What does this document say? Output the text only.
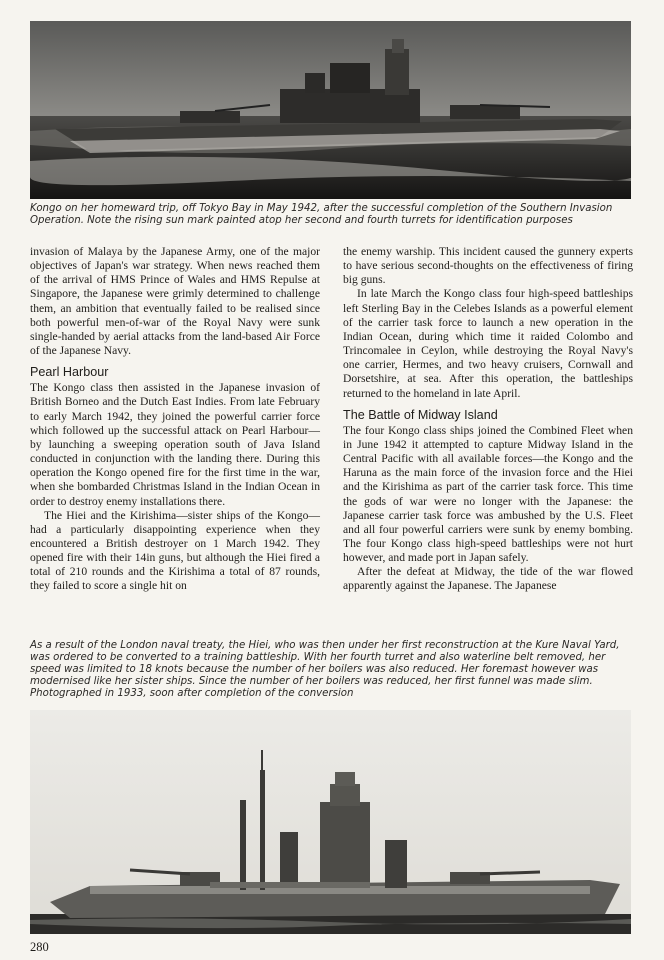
Kongo on her homeward trip, off Tokyo Bay in May 1942, after the successful completion of the Southern Invasion Operation. Note the rising sun mark painted atop her second and fourth turrets for identification purposes

invasion of Malaya by the Japanese Army, one of the major objectives of Japan's war strategy. When news reached them of the arrival of HMS Prince of Wales and HMS Repulse at Singapore, the Japanese were grimly determined to challenge them, an ambition that eventually failed to be realised since both powerful men-of-war of the Royal Navy were sunk single-handed by aerial attacks from the land-based Air Force of the Japanese Navy.

Pearl Harbour

The Kongo class then assisted in the Japanese invasion of British Borneo and the Dutch East Indies. From late February to early March 1942, they joined the powerful carrier force which followed up the successful attack on Pearl Harbour—by launching a sweeping operation south of Java Island conducted in conjunction with the landing there. During this operation the Kongo opened fire for the first time in the war, when she bombarded Christmas Island in the Indian Ocean in order to destroy enemy installations there.

The Hiei and the Kirishima—sister ships of the Kongo—had a particularly disappointing experience when they encountered a British destroyer on 1 March 1942. They opened fire with their 14in guns, but although the Hiei fired a total of 210 rounds and the Kirishima a total of 87 rounds, they failed to score a single hit on

the enemy warship. This incident caused the gunnery experts to have serious second-thoughts on the effectiveness of firing big guns.

In late March the Kongo class four high-speed battleships left Sterling Bay in the Celebes Islands as a powerful element of the carrier task force to launch a new operation in the Indian Ocean, during which time it raided Colombo and Trincomalee in Ceylon, while destroying the Royal Navy's one carrier, Hermes, and two heavy cruisers, Cornwall and Dorsetshire, at sea. After this operation, the battleships returned to the homeland in late April.

The Battle of Midway Island

The four Kongo class ships joined the Combined Fleet when in June 1942 it attempted to capture Midway Island in the Central Pacific with all available forces—the Kongo and the Haruna as the main force of the invasion force and the Hiei and the Kirishima as part of the carrier task force. This time the gods of war were no longer with the Japanese: the Japanese carrier task force was ambushed by the U.S. Fleet and all four powerful carriers were sunk by enemy bombing. The four Kongo class high-speed battleships were not hurt however, and made port in Japan safely.

After the defeat at Midway, the tide of the war flowed apparently against the Japanese. The Japanese

As a result of the London naval treaty, the Hiei, who was then under her first reconstruction at the Kure Naval Yard, was ordered to be converted to a training battleship. With her fourth turret and also waterline belt removed, her speed was limited to 18 knots because the number of her boilers was also reduced. Her foremast however was modernised like her sister ships. Since the number of her boilers was reduced, her first funnel was made slim. Photographed in 1933, soon after completion of the conversion

280
